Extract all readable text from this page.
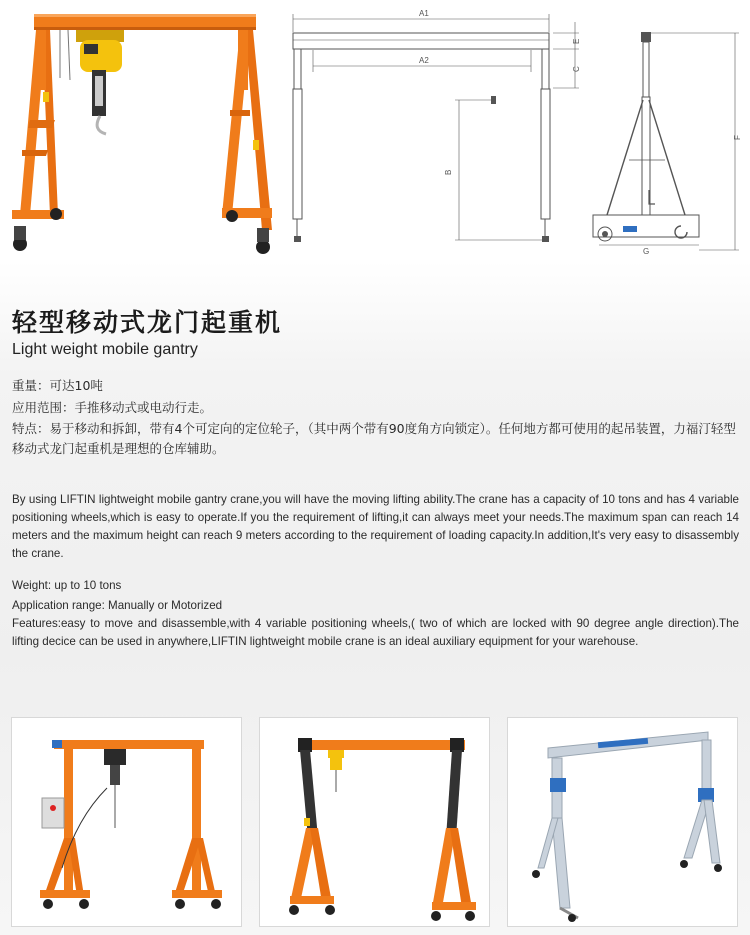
A1
A2
B
E
C
F
G
轻型移动式龙门起重机
Light weight mobile gantry
重量：可达10吨
应用范围：手推移动式或电动行走。
特点：易于移动和拆卸，带有4个可定向的定位轮子，（其中两个带有90度角方向锁定）。任何地方都可使用的起吊装置，力福汀轻型移动式龙门起重机是理想的仓库辅助。
By using LIFTIN lightweight mobile gantry crane,you will have the moving lifting ability.The crane has a capacity of 10 tons and has 4 variable positioning wheels,which is easy to operate.If you the requirement of lifting,it can always meet your needs.The maximum span can reach 14 meters and the maximum height can reach 9 meters according to the requirement of loading capacity.In addition,It's very easy to disassembly the crane.
Weight: up to 10 tons
Application range: Manually or Motorized
Features:easy to move and disassemble,with 4 variable positioning wheels,( two of which are locked with 90 degree angle direction).The lifting decice can be used in anywhere,LIFTIN lightweight mobile crane is an ideal auxiliary equipment for your warehouse.
